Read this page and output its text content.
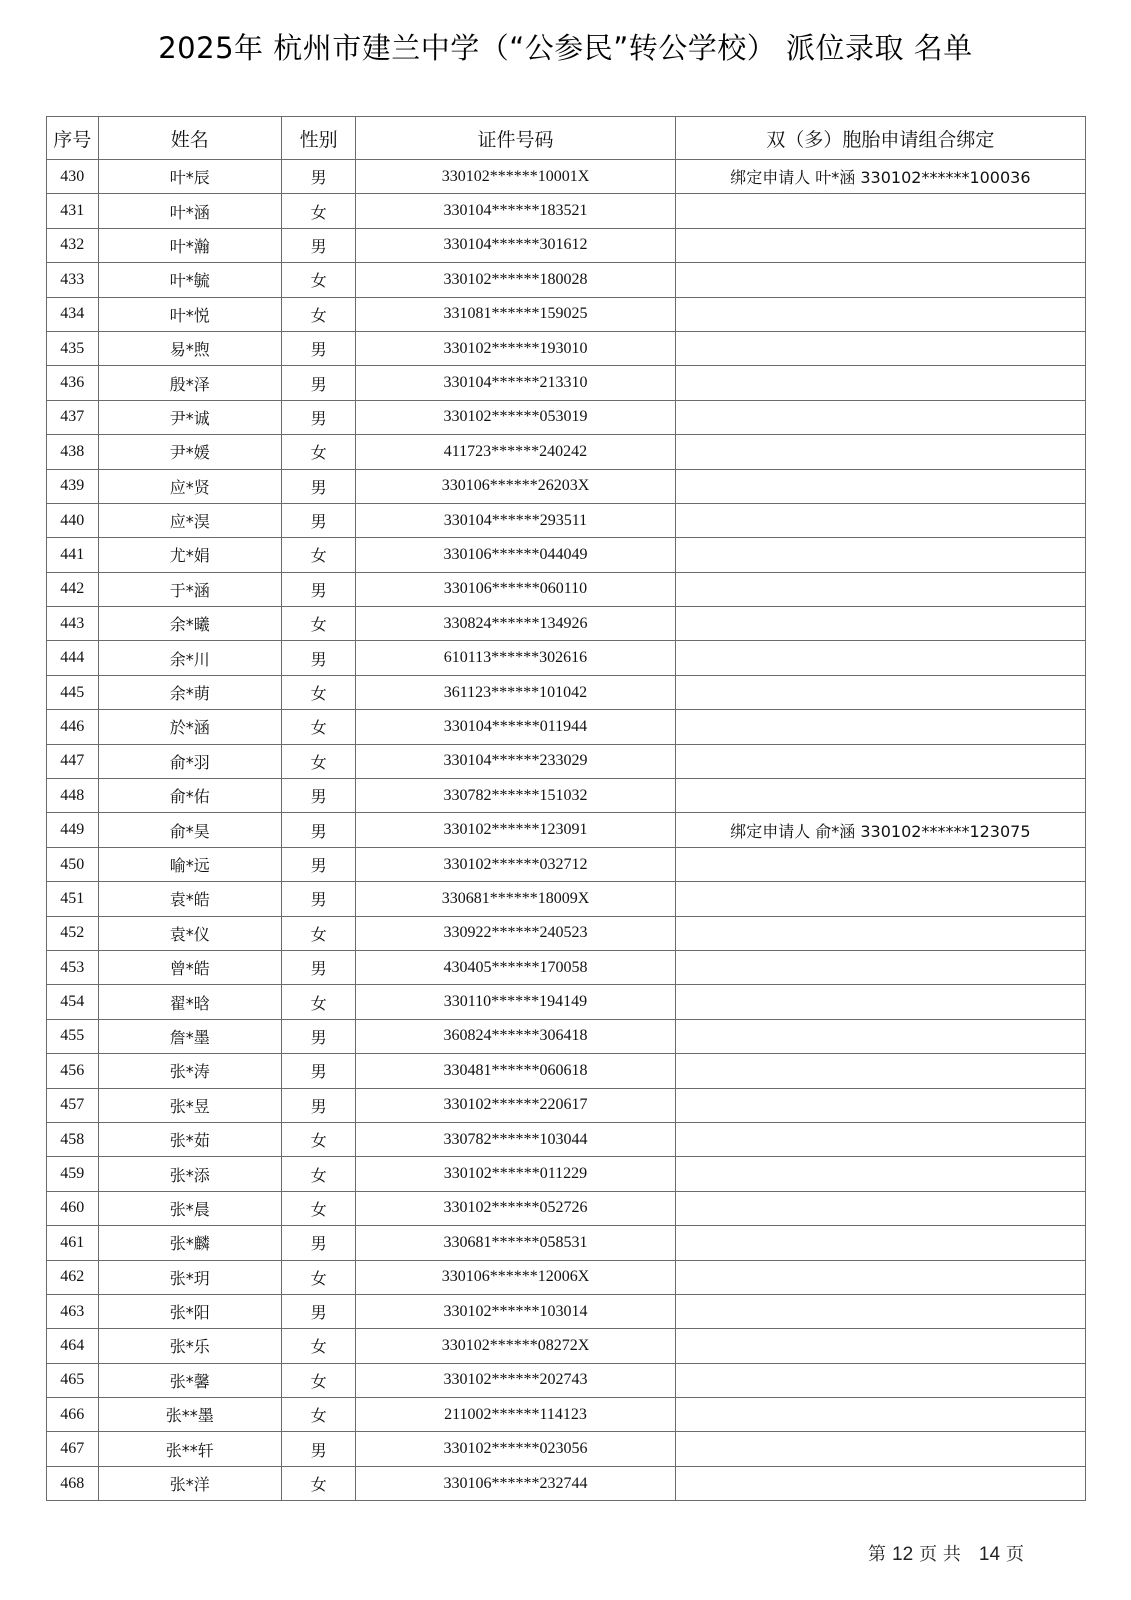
2025年 杭州市建兰中学（“公参民”转公学校） 派位录取 名单
序号	姓名	性别	证件号码	双（多）胞胎申请组合绑定
430	叶*辰	男	330102******10001X	绑定申请人 叶*涵 330102******100036
431	叶*涵	女	330104******183521	
432	叶*瀚	男	330104******301612	
433	叶*毓	女	330102******180028	
434	叶*悦	女	331081******159025	
435	易*煦	男	330102******193010	
436	殷*泽	男	330104******213310	
437	尹*诚	男	330102******053019	
438	尹*媛	女	411723******240242	
439	应*贤	男	330106******26203X	
440	应*淏	男	330104******293511	
441	尤*娟	女	330106******044049	
442	于*涵	男	330106******060110	
443	余*曦	女	330824******134926	
444	余*川	男	610113******302616	
445	余*萌	女	361123******101042	
446	於*涵	女	330104******011944	
447	俞*羽	女	330104******233029	
448	俞*佑	男	330782******151032	
449	俞*昊	男	330102******123091	绑定申请人 俞*涵 330102******123075
450	喻*远	男	330102******032712	
451	袁*皓	男	330681******18009X	
452	袁*仪	女	330922******240523	
453	曾*皓	男	430405******170058	
454	翟*晗	女	330110******194149	
455	詹*墨	男	360824******306418	
456	张*涛	男	330481******060618	
457	张*昱	男	330102******220617	
458	张*茹	女	330782******103044	
459	张*添	女	330102******011229	
460	张*晨	女	330102******052726	
461	张*麟	男	330681******058531	
462	张*玥	女	330106******12006X	
463	张*阳	男	330102******103014	
464	张*乐	女	330102******08272X	
465	张*馨	女	330102******202743	
466	张**墨	女	211002******114123	
467	张**轩	男	330102******023056	
468	张*洋	女	330106******232744	
第 12 页 共 14 页
